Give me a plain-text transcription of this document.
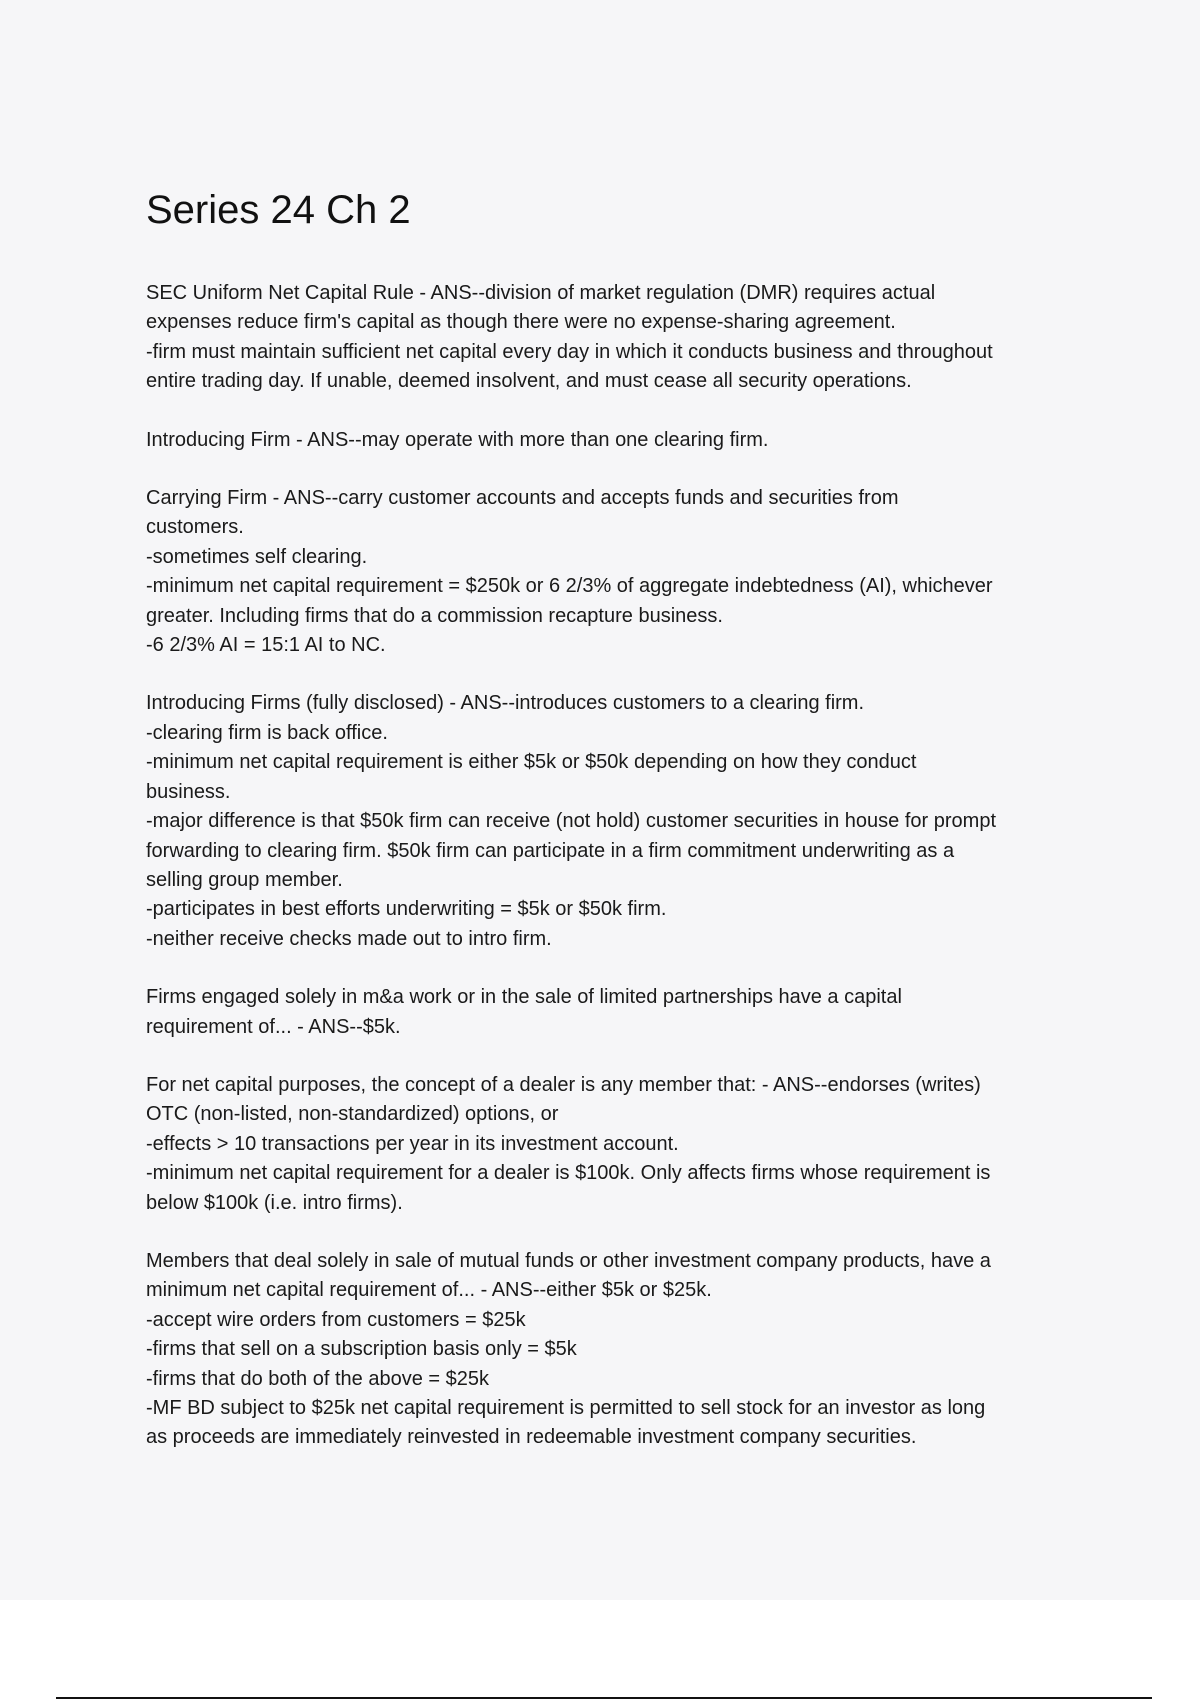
Series 24 Ch 2
SEC Uniform Net Capital Rule - ANS--division of market regulation (DMR) requires actual
expenses reduce firm's capital as though there were no expense-sharing agreement.
-firm must maintain sufficient net capital every day in which it conducts business and throughout
entire trading day. If unable, deemed insolvent, and must cease all security operations.
Introducing Firm - ANS--may operate with more than one clearing firm.
Carrying Firm - ANS--carry customer accounts and accepts funds and securities from
customers.
-sometimes self clearing.
-minimum net capital requirement = $250k or 6 2/3% of aggregate indebtedness (AI), whichever
greater. Including firms that do a commission recapture business.
-6 2/3% AI = 15:1 AI to NC.
Introducing Firms (fully disclosed) - ANS--introduces customers to a clearing firm.
-clearing firm is back office.
-minimum net capital requirement is either $5k or $50k depending on how they conduct
business.
-major difference is that $50k firm can receive (not hold) customer securities in house for prompt
forwarding to clearing firm. $50k firm can participate in a firm commitment underwriting as a
selling group member.
-participates in best efforts underwriting = $5k or $50k firm.
-neither receive checks made out to intro firm.
Firms engaged solely in m&a work or in the sale of limited partnerships have a capital
requirement of... - ANS--$5k.
For net capital purposes, the concept of a dealer is any member that: - ANS--endorses (writes)
OTC (non-listed, non-standardized) options, or
-effects > 10 transactions per year in its investment account.
-minimum net capital requirement for a dealer is $100k. Only affects firms whose requirement is
below $100k (i.e. intro firms).
Members that deal solely in sale of mutual funds or other investment company products, have a
minimum net capital requirement of... - ANS--either $5k or $25k.
-accept wire orders from customers = $25k
-firms that sell on a subscription basis only = $5k
-firms that do both of the above = $25k
-MF BD subject to $25k net capital requirement is permitted to sell stock for an investor as long
as proceeds are immediately reinvested in redeemable investment company securities.
